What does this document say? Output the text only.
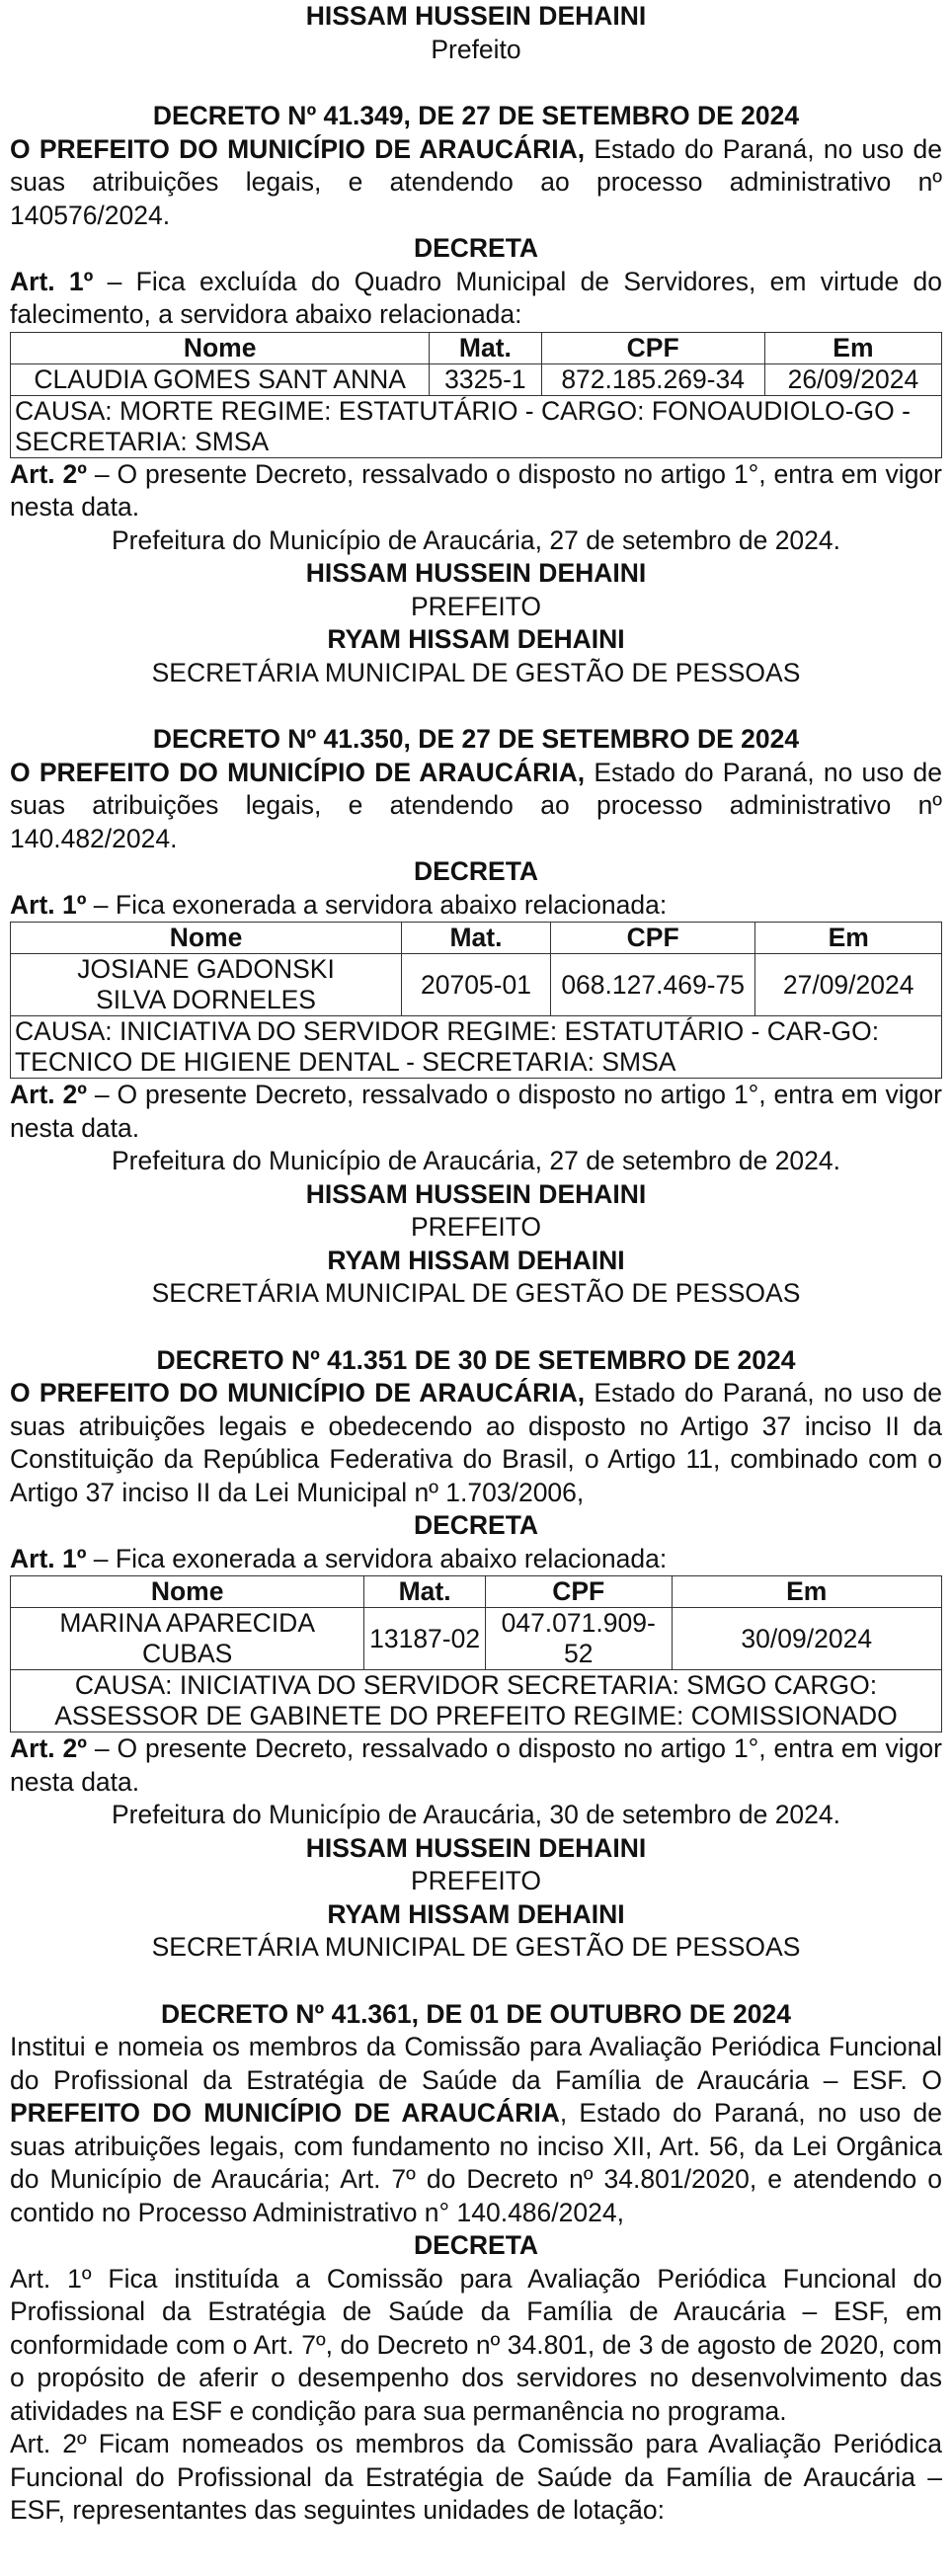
HISSAM HUSSEIN DEHAINI
Prefeito
DECRETO Nº 41.349, DE 27 DE SETEMBRO DE 2024

O PREFEITO DO MUNICÍPIO DE ARAUCÁRIA, Estado do Paraná, no uso de suas atribuições legais, e atendendo ao processo administrativo nº 140576/2024.

DECRETA

Art. 1º – Fica excluída do Quadro Municipal de Servidores, em virtude do falecimento, a servidora abaixo relacionada:

Nome	Mat.	CPF	Em
CLAUDIA GOMES SANT ANNA	3325-1	872.185.269-34	26/09/2024
CAUSA: MORTE REGIME: ESTATUTÁRIO - CARGO: FONOAUDIOLO-GO -SECRETARIA: SMSA			

Art. 2º – O presente Decreto, ressalvado o disposto no artigo 1°, entra em vigor nesta data.

Prefeitura do Município de Araucária, 27 de setembro de 2024.
HISSAM HUSSEIN DEHAINI
PREFEITO
RYAM HISSAM DEHAINI
SECRETÁRIA MUNICIPAL DE GESTÃO DE PESSOAS
DECRETO Nº 41.350, DE 27 DE SETEMBRO DE 2024

O PREFEITO DO MUNICÍPIO DE ARAUCÁRIA, Estado do Paraná, no uso de suas atribuições legais, e atendendo ao processo administrativo nº 140.482/2024.

DECRETA

Art. 1º – Fica exonerada a servidora abaixo relacionada:

Nome	Mat.	CPF	Em
JOSIANE GADONSKI SILVA DORNELES	20705-01	068.127.469-75	27/09/2024
CAUSA: INICIATIVA DO SERVIDOR REGIME: ESTATUTÁRIO - CAR-GO: TECNICO DE HIGIENE DENTAL - SECRETARIA: SMSA			

Art. 2º – O presente Decreto, ressalvado o disposto no artigo 1°, entra em vigor nesta data.

Prefeitura do Município de Araucária, 27 de setembro de 2024.
HISSAM HUSSEIN DEHAINI
PREFEITO
RYAM HISSAM DEHAINI
SECRETÁRIA MUNICIPAL DE GESTÃO DE PESSOAS
DECRETO Nº 41.351 DE 30 DE SETEMBRO DE 2024

O PREFEITO DO MUNICÍPIO DE ARAUCÁRIA, Estado do Paraná, no uso de suas atribuições legais e obedecendo ao disposto no Artigo 37 inciso II da Constituição da República Federativa do Brasil, o Artigo 11, combinado com o Artigo 37 inciso II da Lei Municipal nº 1.703/2006,

DECRETA

Art. 1º – Fica exonerada a servidora abaixo relacionada:

Nome	Mat.	CPF	Em
MARINA APARECIDA CUBAS	13187-02	047.071.909-52	30/09/2024
CAUSA: INICIATIVA DO SERVIDOR SECRETARIA: SMGO CARGO: ASSESSOR DE GABINETE DO PREFEITO REGIME: COMISSIONADO			

Art. 2º – O presente Decreto, ressalvado o disposto no artigo 1°, entra em vigor nesta data.

Prefeitura do Município de Araucária, 30 de setembro de 2024.
HISSAM HUSSEIN DEHAINI
PREFEITO
RYAM HISSAM DEHAINI
SECRETÁRIA MUNICIPAL DE GESTÃO DE PESSOAS
DECRETO Nº 41.361, DE 01 DE OUTUBRO DE 2024

Institui e nomeia os membros da Comissão para Avaliação Periódica Funcional do Profissional da Estratégia de Saúde da Família de Araucária – ESF. O PREFEITO DO MUNICÍPIO DE ARAUCÁRIA, Estado do Paraná, no uso de suas atribuições legais, com fundamento no inciso XII, Art. 56, da Lei Orgânica do Município de Araucária; Art. 7º do Decreto nº 34.801/2020, e atendendo o contido no Processo Administrativo n° 140.486/2024,

DECRETA

Art. 1º Fica instituída a Comissão para Avaliação Periódica Funcional do Profissional da Estratégia de Saúde da Família de Araucária – ESF, em conformidade com o Art. 7º, do Decreto nº 34.801, de 3 de agosto de 2020, com o propósito de aferir o desempenho dos servidores no desenvolvimento das atividades na ESF e condição para sua permanência no programa.

Art. 2º Ficam nomeados os membros da Comissão para Avaliação Periódica Funcional do Profissional da Estratégia de Saúde da Família de Araucária – ESF, representantes das seguintes unidades de lotação:
